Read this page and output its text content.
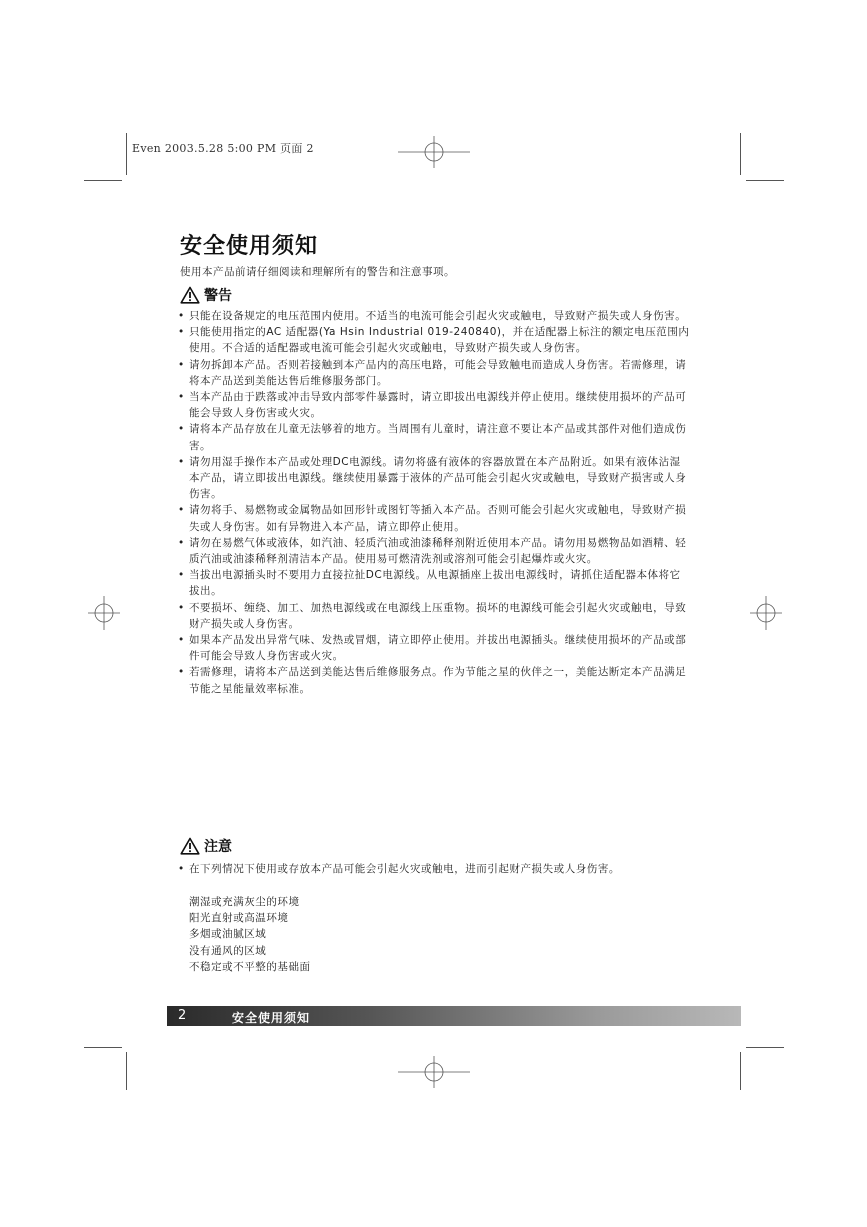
Even 2003.5.28 5:00 PM 页面 2
安全使用须知
使用本产品前请仔细阅读和理解所有的警告和注意事项。
警告
• 只能在设备规定的电压范围内使用。不适当的电流可能会引起火灾或触电，导致财产损失或人身伤害。
• 只能使用指定的AC 适配器(Ya Hsin Industrial 019-240840)，并在适配器上标注的额定电压范围内使用。不合适的适配器或电流可能会引起火灾或触电，导致财产损失或人身伤害。
• 请勿拆卸本产品。否则若接触到本产品内的高压电路，可能会导致触电而造成人身伤害。若需修理，请将本产品送到美能达售后维修服务部门。
• 当本产品由于跌落或冲击导致内部零件暴露时，请立即拔出电源线并停止使用。继续使用损坏的产品可能会导致人身伤害或火灾。
• 请将本产品存放在儿童无法够着的地方。当周围有儿童时，请注意不要让本产品或其部件对他们造成伤害。
• 请勿用湿手操作本产品或处理DC电源线。请勿将盛有液体的容器放置在本产品附近。如果有液体沾湿本产品，请立即拔出电源线。继续使用暴露于液体的产品可能会引起火灾或触电，导致财产损害或人身伤害。
• 请勿将手、易燃物或金属物品如回形针或图钉等插入本产品。否则可能会引起火灾或触电，导致财产损失或人身伤害。如有异物进入本产品，请立即停止使用。
• 请勿在易燃气体或液体，如汽油、轻质汽油或油漆稀释剂附近使用本产品。请勿用易燃物品如酒精、轻质汽油或油漆稀释剂清洁本产品。使用易可燃清洗剂或溶剂可能会引起爆炸或火灾。
• 当拔出电源插头时不要用力直接拉扯DC电源线。从电源插座上拔出电源线时，请抓住适配器本体将它拔出。
• 不要损坏、缠绕、加工、加热电源线或在电源线上压重物。损坏的电源线可能会引起火灾或触电，导致财产损失或人身伤害。
• 如果本产品发出异常气味、发热或冒烟，请立即停止使用。并拔出电源插头。继续使用损坏的产品或部件可能会导致人身伤害或火灾。
• 若需修理，请将本产品送到美能达售后维修服务点。作为节能之星的伙伴之一，美能达断定本产品满足节能之星能量效率标准。
注意
• 在下列情况下使用或存放本产品可能会引起火灾或触电，进而引起财产损失或人身伤害。
潮湿或充满灰尘的环境
阳光直射或高温环境
多烟或油腻区域
没有通风的区域
不稳定或不平整的基础面
2	安全使用须知
